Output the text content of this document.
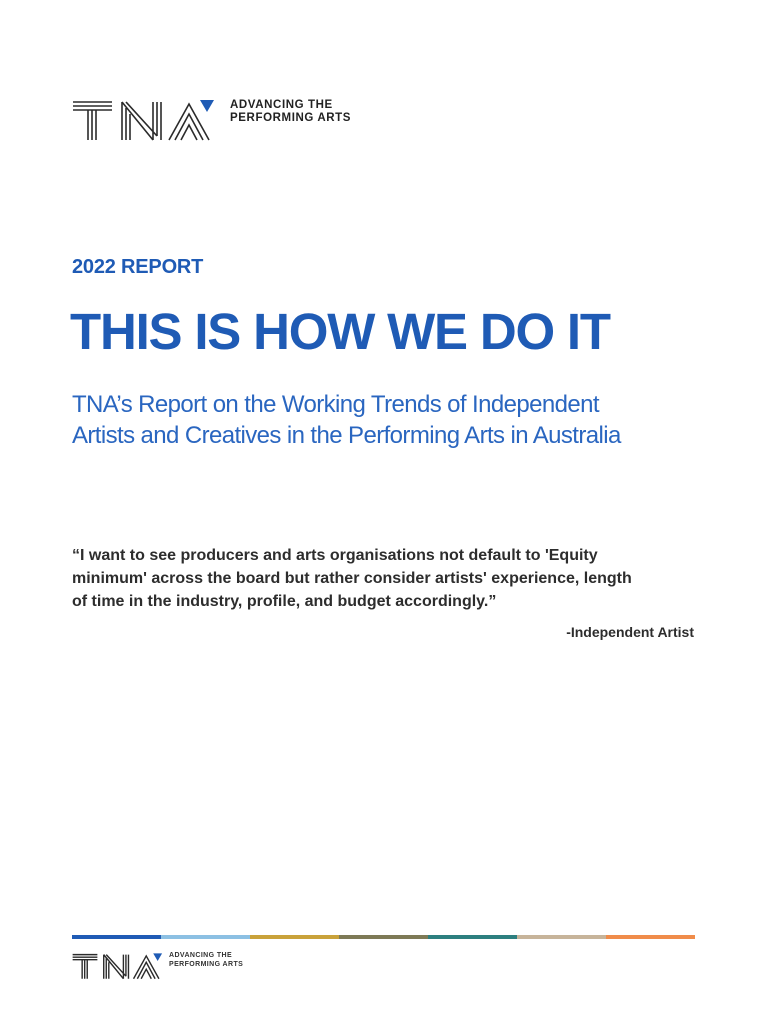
ADVANCING THE
PERFORMING ARTS
2022 REPORT
THIS IS HOW WE DO IT
TNA’s Report on the Working Trends of Independent
Artists and Creatives in the Performing Arts in Australia
“I want to see producers and arts organisations not default to 'Equity
minimum' across the board but rather consider artists' experience, length
of time in the industry, profile, and budget accordingly.”
-Independent Artist
ADVANCING THE
PERFORMING ARTS
